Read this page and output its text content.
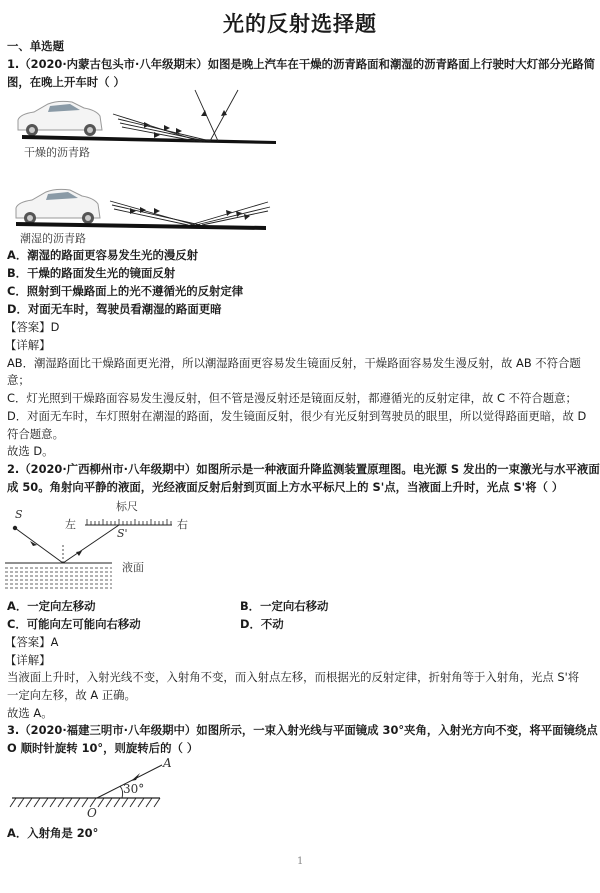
光的反射选择题
一、单选题
1.（2020·内蒙古包头市·八年级期末）如图是晚上汽车在干燥的沥青路面和潮湿的沥青路面上行驶时大灯部分光路简
图，在晚上开车时（ ）
干燥的沥青路
潮湿的沥青路
A．潮湿的路面更容易发生光的漫反射
B．干燥的路面发生光的镜面反射
C．照射到干燥路面上的光不遵循光的反射定律
D．对面无车时，驾驶员看潮湿的路面更暗
【答案】D
【详解】
AB．潮湿路面比干燥路面更光滑，所以潮湿路面更容易发生镜面反射，干燥路面容易发生漫反射，故 AB 不符合题
意；
C．灯光照到干燥路面容易发生漫反射，但不管是漫反射还是镜面反射，都遵循光的反射定律，故 C 不符合题意；
D．对面无车时，车灯照射在潮湿的路面，发生镜面反射，很少有光反射到驾驶员的眼里，所以觉得路面更暗，故 D
符合题意。
故选 D。
2.（2020·广西柳州市·八年级期中）如图所示是一种液面升降监测装置原理图。电光源 S 发出的一束激光与水平液面
成 50。角射向平静的液面，光经液面反射后射到页面上方水平标尺上的 S'点，当液面上升时，光点 S'将（ ）
S
左
标尺
右
S'
液面
A．一定向左移动	B．一定向右移动
C．可能向左可能向右移动	D．不动
【答案】A
【详解】
当液面上升时，入射光线不变，入射角不变，而入射点左移，而根据光的反射定律，折射角等于入射角，光点 S'将
一定向左移，故 A 正确。
故选 A。
3.（2020·福建三明市·八年级期中）如图所示，一束入射光线与平面镜成 30°夹角，入射光方向不变，将平面镜绕点
O 顺时针旋转 10°，则旋转后的（ ）
A
30°
O
A．入射角是 20°
1
